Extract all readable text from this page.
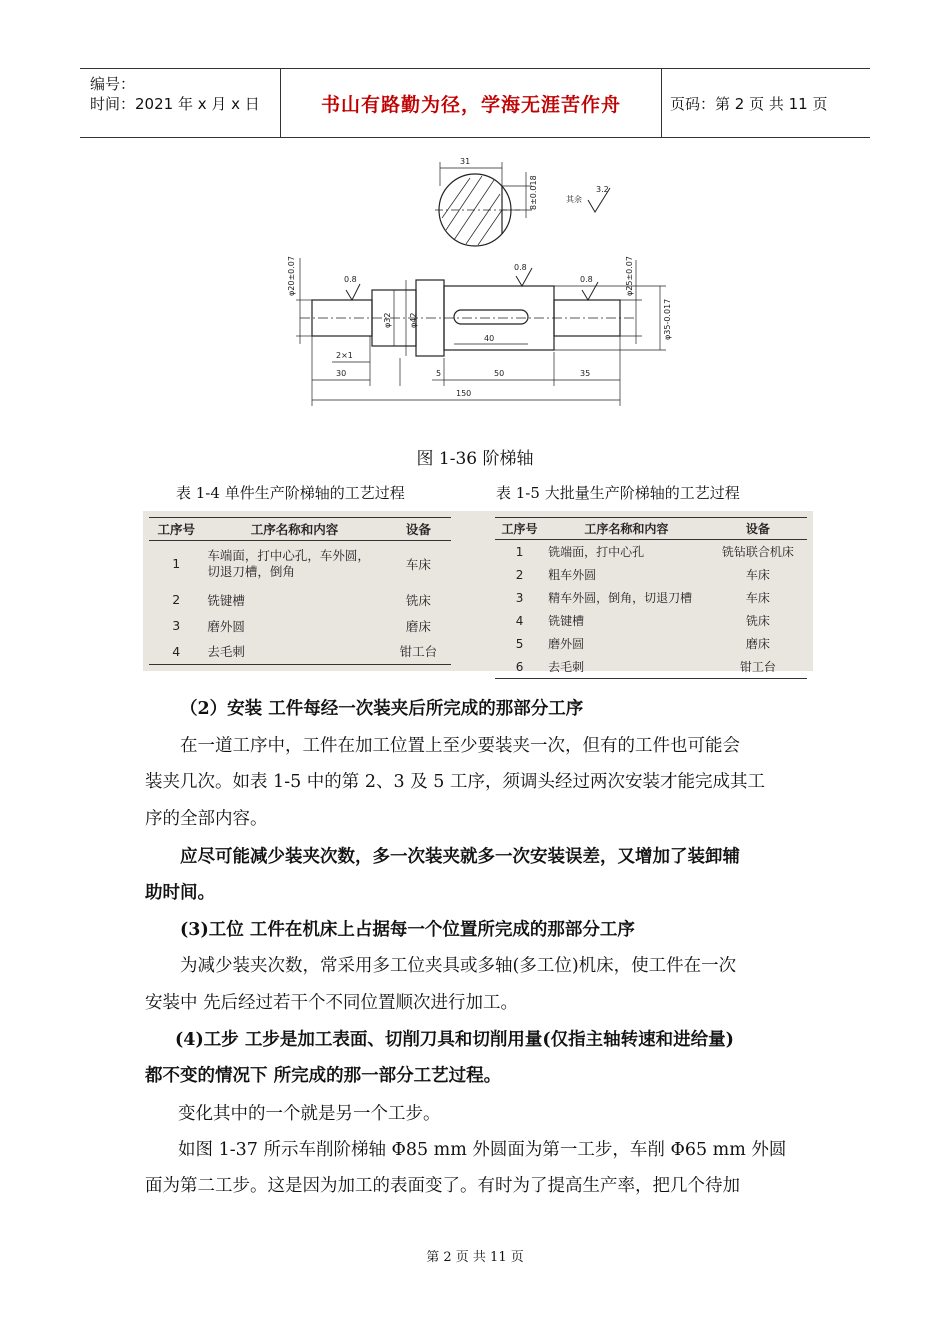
编号：
时间：2021 年 x 月 x 日	书山有路勤为径，学海无涯苦作舟	页码：第 2 页 共 11 页
31
8±0.018	其余
3.2
0.8
0.8
0.8
φ20±0.07
φ32 φ42
φ25±0.07
φ35-0.017
2×1
40
30	5	50	35
150
图 1-36 阶梯轴
表 1-4 单件生产阶梯轴的工艺过程	表 1-5 大批量生产阶梯轴的工艺过程
工序号	工序名称和内容	设备
1	车端面，打中心孔，车外圆，切退刀槽，倒角	车床
2	铣键槽	铣床
3	磨外圆	磨床
4	去毛刺	钳工台
工序号	工序名称和内容	设备
1	铣端面，打中心孔	铣钻联合机床
2	粗车外圆	车床
3	精车外圆，倒角，切退刀槽	车床
4	铣键槽	铣床
5	磨外圆	磨床
6	去毛刺	钳工台
（2）安装 工件每经一次装夹后所完成的那部分工序
在一道工序中，工件在加工位置上至少要装夹一次，但有的工件也可能会
装夹几次。如表 1-5 中的第 2、3 及 5 工序，须调头经过两次安装才能完成其工
序的全部内容。
应尽可能减少装夹次数，多一次装夹就多一次安装误差，又增加了装卸辅
助时间。
(3)工位 工件在机床上占据每一个位置所完成的那部分工序
为减少装夹次数，常采用多工位夹具或多轴(多工位)机床，使工件在一次
安装中 先后经过若干个不同位置顺次进行加工。
(4)工步 工步是加工表面、切削刀具和切削用量(仅指主轴转速和进给量)
都不变的情况下 所完成的那一部分工艺过程。
变化其中的一个就是另一个工步。
如图 1-37 所示车削阶梯轴 Φ85 mm 外圆面为第一工步，车削 Φ65 mm 外圆
面为第二工步。这是因为加工的表面变了。有时为了提高生产率，把几个待加
第 2 页 共 11 页
